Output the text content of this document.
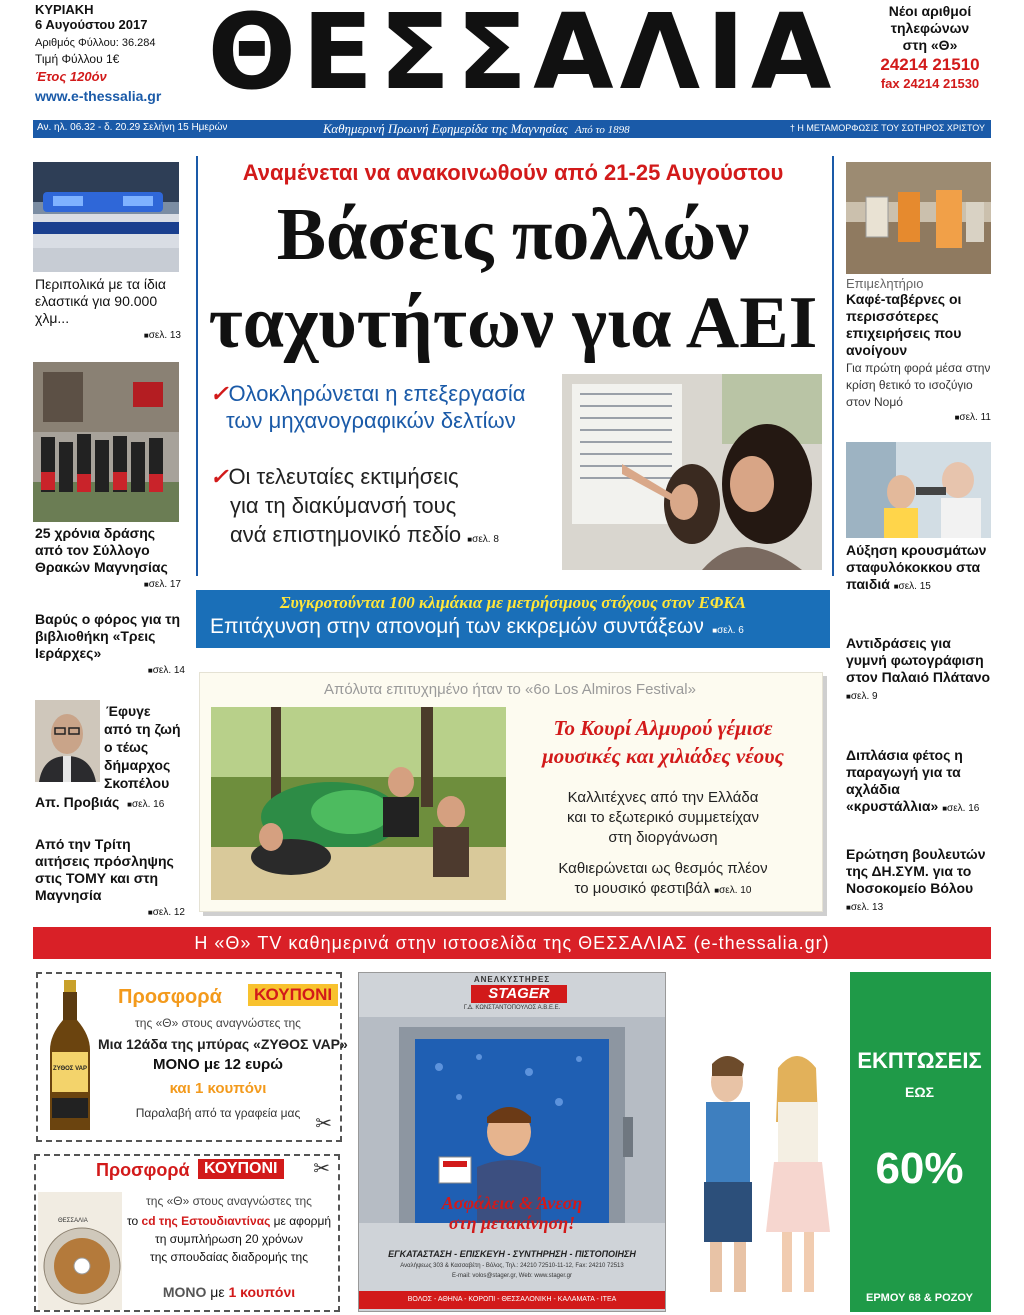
ΚΥΡΙΑΚΗ
6 Αυγούστου 2017
Αριθμός Φύλλου: 36.284
Τιμή Φύλλου 1€
Έτος 120όν
www.e-thessalia.gr ΘΕΣΣΑΛΙΑ	Νέοι αριθμοί
τηλεφώνων
στη «Θ»
24214 21510
fax 24214 21530
Αν. ηλ. 06.32 - δ. 20.29 Σελήνη 15 Ημερών	Καθημερινή Πρωινή Εφημερίδα της Μαγνησίας Από το 1898	† Η ΜΕΤΑΜΟΡΦΩΣΙΣ ΤΟΥ ΣΩΤΗΡΟΣ ΧΡΙΣΤΟΥ
Περιπολικά με τα ίδια ελαστικά για 90.000 χλμ...
■ σελ. 13
25 χρόνια δράσης από τον Σύλλογο Θρακών Μαγνησίας
■ σελ. 17
Βαρύς ο φόρος για τη βιβλιοθήκη «Τρεις Ιεράρχες»
■ σελ. 14
Έφυγε
από τη ζωή
ο τέως
δήμαρχος
Σκοπέλου
Απ. Προβιάς ■ σελ. 16
Από την Τρίτη αιτήσεις πρόσληψης στις ΤΟΜΥ και στη Μαγνησία
■ σελ. 12
Αναμένεται να ανακοινωθούν από 21-25 Αυγούστου
Βάσεις πολλών
ταχυτήτων για ΑΕΙ
✓Ολοκληρώνεται η επεξεργασία
των μηχανογραφικών δελτίων
✓Οι τελευταίες εκτιμήσεις
για τη διακύμανσή τους
ανά επιστημονικό πεδίο ■ σελ. 8
Συγκροτούνται 100 κλιμάκια με μετρήσιμους στόχους στον ΕΦΚΑ
Επιτάχυνση στην απονομή των εκκρεμών συντάξεων ■ σελ. 6
Απόλυτα επιτυχημένο ήταν το «6ο Los Almiros Festival»
Το Κουρί Αλμυρού γέμισε
μουσικές και χιλιάδες νέους
Καλλιτέχνες από την Ελλάδα
και το εξωτερικό συμμετείχαν
στη διοργάνωση
Καθιερώνεται ως θεσμός πλέον
το μουσικό φεστιβάλ ■ σελ. 10
Επιμελητήριο
Καφέ-ταβέρνες οι περισσότερες επιχειρήσεις που ανοίγουν
Για πρώτη φορά μέσα στην κρίση θετικό το ισοζύγιο στον Νομό
■ σελ. 11
Αύξηση κρουσμάτων σταφυλόκοκκου στα παιδιά ■ σελ. 15
Αντιδράσεις για γυμνή φωτογράφιση στον Παλαιό Πλάτανο ■ σελ. 9
Διπλάσια φέτος η παραγωγή για τα αχλάδια «κρυστάλλια» ■ σελ. 16
Ερώτηση βουλευτών της ΔΗ.ΣΥΜ. για το Νοσοκομείο Βόλου ■ σελ. 13
Η «Θ» TV καθημερινά στην ιστοσελίδα της ΘΕΣΣΑΛΙΑΣ (e-thessalia.gr)
ΖΥΘΟΣ VAP
Προσφορά	ΚΟΥΠΟΝΙ
της «Θ» στους αναγνώστες της
Μια 12άδα της μπύρας «ΖΥΘΟΣ VAP»
ΜΟΝΟ με 12 ευρώ
και 1 κουπόνι
Παραλαβή από τα γραφεία μας ✂
Προσφορά ΚΟΥΠΟΝΙ	✂
ΘΕΣΣΑΛΙΑ
της «Θ» στους αναγνώστες της
το cd της Εστουδιαντίνας με αφορμή
τη συμπλήρωση 20 χρόνων
της σπουδαίας διαδρομής της
ΜΟΝΟ με 1 κουπόνι
ΑΝΕΛΚΥΣΤΗΡΕΣ
STAGER
Γ.Δ. ΚΩΝΣΤΑΝΤΟΠΟΥΛΟΣ Α.Β.Ε.Ε.
Ασφάλεια & Άνεση
στη μετακίνηση!
ΕΓΚΑΤΑΣΤΑΣΗ - ΕΠΙΣΚΕΥΗ - ΣΥΝΤΗΡΗΣΗ - ΠΙΣΤΟΠΟΙΗΣΗ
Αναλήψεως 303 & Κασσαβέτη - Βόλος, Τηλ.: 24210 72510-11-12, Fax: 24210 72513
E-mail: volos@stager.gr, Web: www.stager.gr
ΒΟΛΟΣ - ΑΘΗΝΑ - ΚΟΡΩΠΙ - ΘΕΣΣΑΛΟΝΙΚΗ - ΚΑΛΑΜΑΤΑ - ΙΤΕΑ
UNITED COLORS
OF BENETTON.
ΕΚΠΤΩΣΕΙΣ
ΕΩΣ
60%
ΕΡΜΟΥ 68 & ΡΟΖΟΥ
